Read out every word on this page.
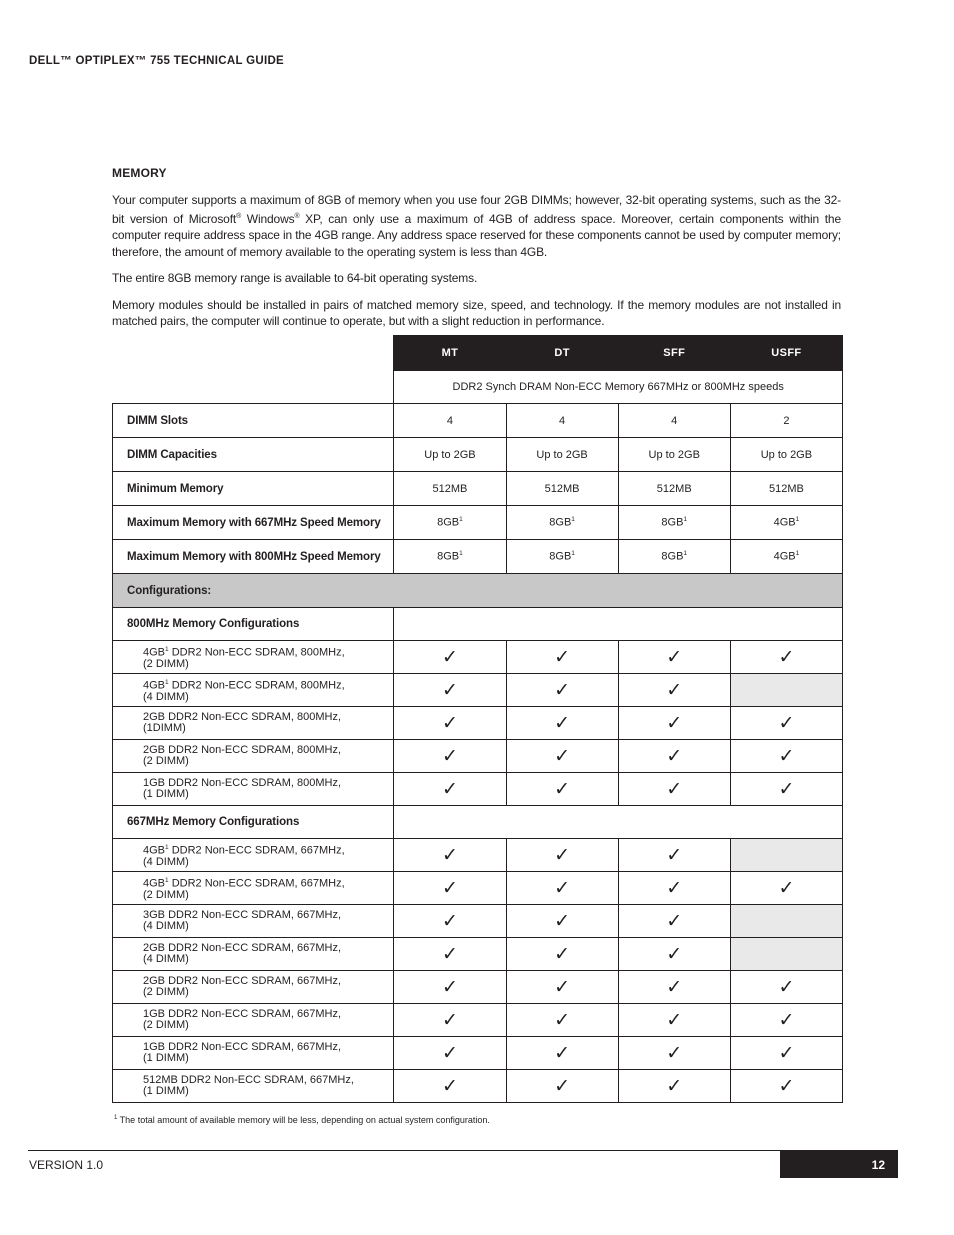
DELL™ OPTIPLEX™ 755 TECHNICAL GUIDE
MEMORY

Your computer supports a maximum of 8GB of memory when you use four 2GB DIMMs; however, 32-bit operating systems, such as the 32-bit version of Microsoft® Windows® XP, can only use a maximum of 4GB of address space. Moreover, certain components within the computer require address space in the 4GB range. Any address space reserved for these components cannot be used by computer memory; therefore, the amount of memory available to the operating system is less than 4GB.

The entire 8GB memory range is available to 64-bit operating systems.

Memory modules should be installed in pairs of matched memory size, speed, and technology. If the memory modules are not installed in matched pairs, the computer will continue to operate, but with a slight reduction in performance.

	MT	DT	SFF	USFF
	DDR2 Synch DRAM Non-ECC Memory 667MHz or 800MHz speeds			
DIMM Slots	4	4	4	2
DIMM Capacities	Up to 2GB	Up to 2GB	Up to 2GB	Up to 2GB
Minimum Memory	512MB	512MB	512MB	512MB
Maximum Memory with 667MHz Speed Memory	$8GB^1$	$8GB^1$	$8GB^1$	$4GB^1$
Maximum Memory with 800MHz Speed Memory	$8GB^1$	$8GB^1$	$8GB^1$	$4GB^1$
Configurations:				
800MHz Memory Configurations				
$4GB^1$ DDR2 Non-ECC SDRAM, 800MHz,
(2 DIMM)	✓	✓	✓	✓
$4GB^1$ DDR2 Non-ECC SDRAM, 800MHz,
(4 DIMM)	✓	✓	✓	
2GB DDR2 Non-ECC SDRAM, 800MHz,
(1DIMM)	✓	✓	✓	✓
2GB DDR2 Non-ECC SDRAM, 800MHz,
(2 DIMM)	✓	✓	✓	✓
1GB DDR2 Non-ECC SDRAM, 800MHz,
(1 DIMM)	✓	✓	✓	✓
667MHz Memory Configurations				
$4GB^1$ DDR2 Non-ECC SDRAM, 667MHz,
(4 DIMM)	✓	✓	✓	
$4GB^1$ DDR2 Non-ECC SDRAM, 667MHz,
(2 DIMM)	✓	✓	✓	✓
3GB DDR2 Non-ECC SDRAM, 667MHz,
(4 DIMM)	✓	✓	✓	
2GB DDR2 Non-ECC SDRAM, 667MHz,
(4 DIMM)	✓	✓	✓	
2GB DDR2 Non-ECC SDRAM, 667MHz,
(2 DIMM)	✓	✓	✓	✓
1GB DDR2 Non-ECC SDRAM, 667MHz,
(2 DIMM)	✓	✓	✓	✓
1GB DDR2 Non-ECC SDRAM, 667MHz,
(1 DIMM)	✓	✓	✓	✓
512MB DDR2 Non-ECC SDRAM, 667MHz,
(1 DIMM)	✓	✓	✓	✓
$^1$ The total amount of available memory will be less, depending on actual system configuration.
VERSION 1.0	12
